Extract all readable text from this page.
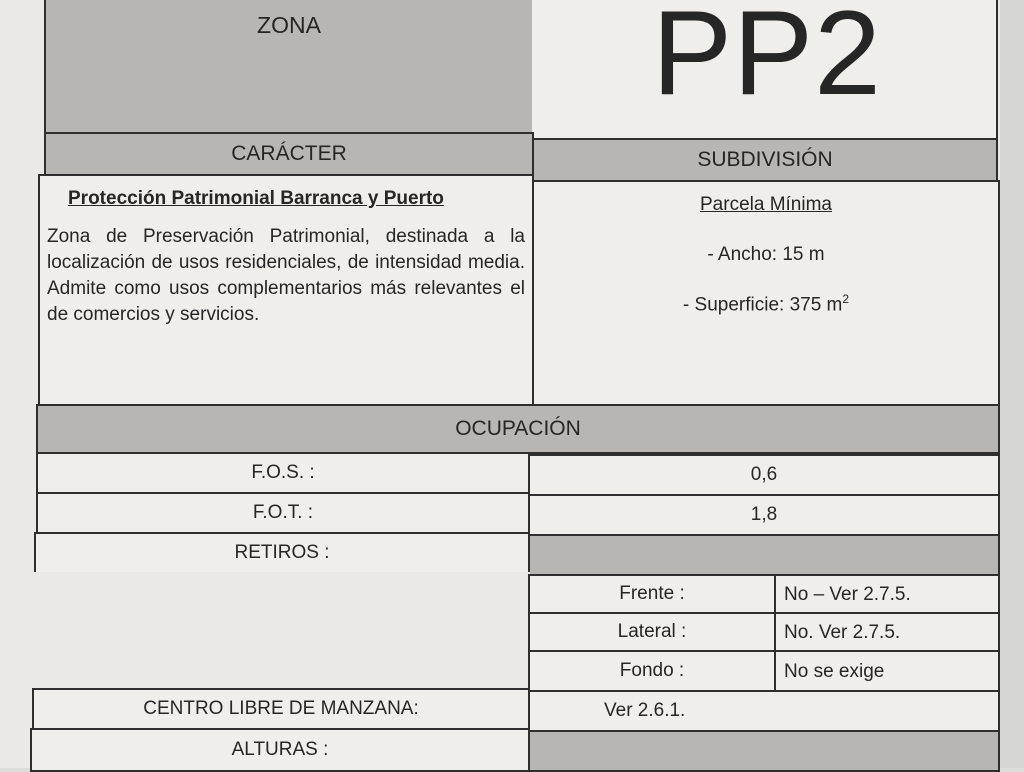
ZONA	PP2
CARÁCTER	SUBDIVISIÓN
Protección Patrimonial Barranca y Puerto
Zona de Preservación Patrimonial, destinada a la localización de usos residenciales, de intensidad media. Admite como usos complementarios más relevantes el de comercios y servicios.
Parcela Mínima
- Ancho: 15 m
- Superficie: 375 $m^2$
OCUPACIÓN
F.O.S. :	0,6
F.O.T. :	1,8
RETIROS :
Frente :	No – Ver 2.7.5.
Lateral :	No. Ver 2.7.5.
Fondo :	No se exige
CENTRO LIBRE DE MANZANA:	Ver 2.6.1.
ALTURAS :
